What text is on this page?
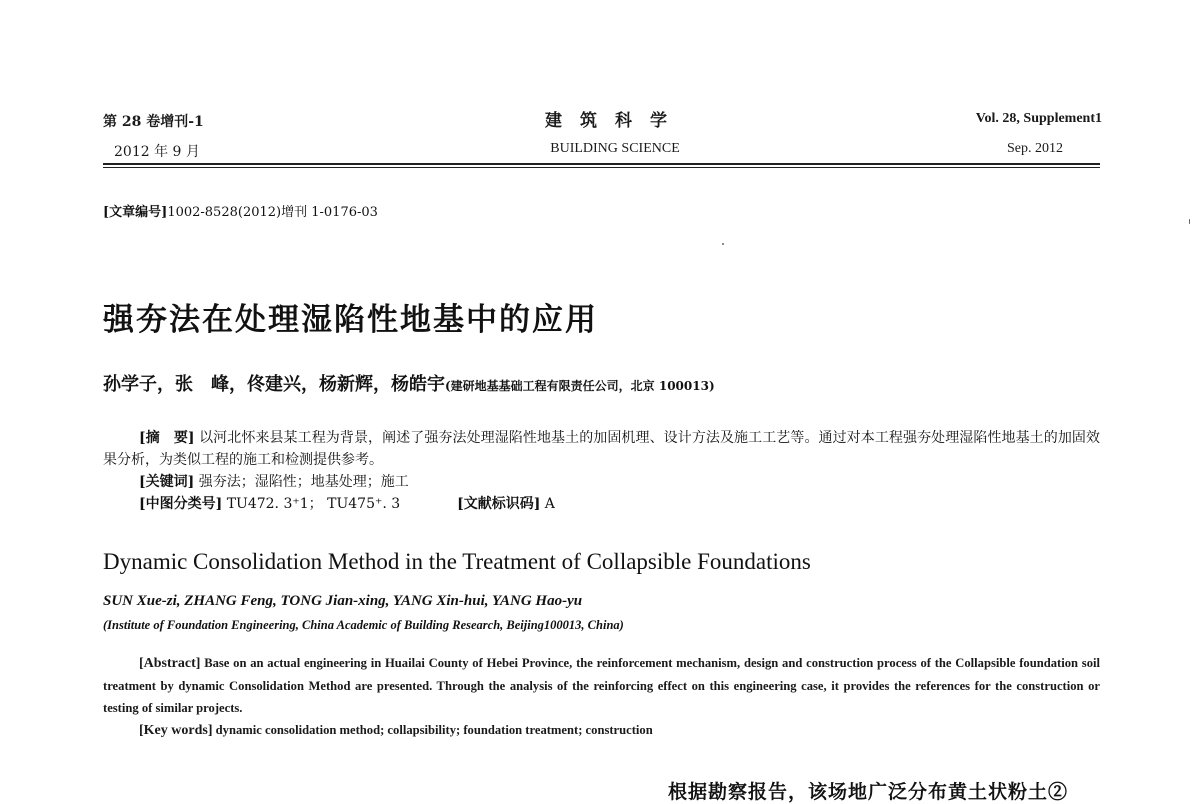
第 28 卷增刊-1
2012 年 9 月
建筑科学
BUILDING SCIENCE
Vol. 28, Supplement1
Sep. 2012
[文章编号]1002-8528(2012)增刊 1-0176-03
强夯法在处理湿陷性地基中的应用
孙学子，张　峰，佟建兴，杨新辉，杨皓宇(建研地基基础工程有限责任公司，北京 100013)

[摘　要] 以河北怀来县某工程为背景，阐述了强夯法处理湿陷性地基土的加固机理、设计方法及施工工艺等。通过对本工程强夯处理湿陷性地基土的加固效果分析，为类似工程的施工和检测提供参考。

[关键词] 强夯法；湿陷性；地基处理；施工
[中图分类号] TU472. 3⁺1； TU475⁺. 3	[文献标识码] A
Dynamic Consolidation Method in the Treatment of Collapsible Foundations
SUN Xue-zi, ZHANG Feng, TONG Jian-xing, YANG Xin-hui, YANG Hao-yu
(Institute of Foundation Engineering, China Academic of Building Research, Beijing100013, China)

[Abstract] Base on an actual engineering in Huailai County of Hebei Province, the reinforcement mechanism, design and construction process of the Collapsible foundation soil treatment by dynamic Consolidation Method are presented. Through the analysis of the reinforcing effect on this engineering case, it provides the references for the construction or testing of similar projects.

[Key words] dynamic consolidation method; collapsibility; foundation treatment; construction

根据勘察报告，该场地广泛分布黄土状粉土②
